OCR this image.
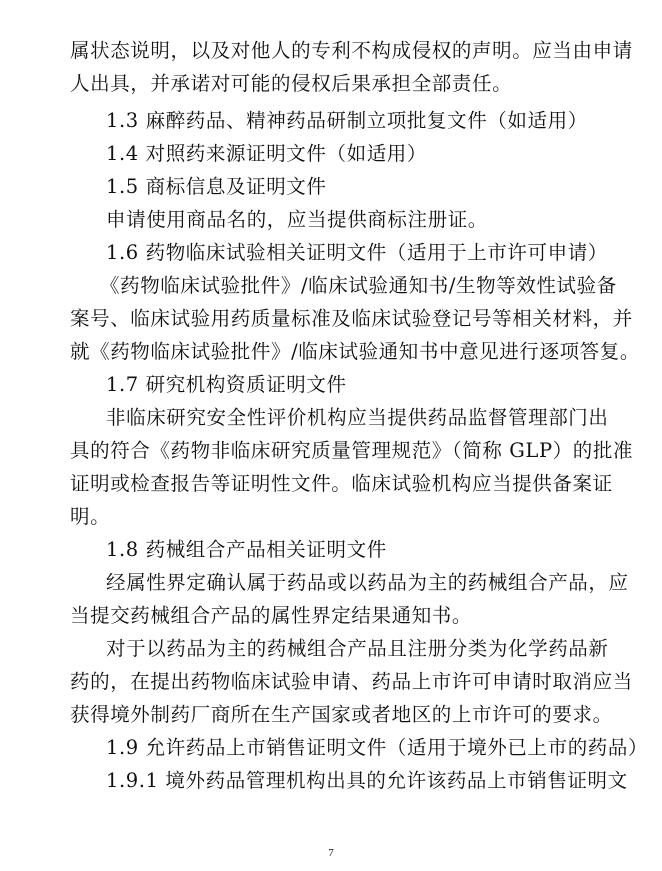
属状态说明，以及对他人的专利不构成侵权的声明。应当由申请
人出具，并承诺对可能的侵权后果承担全部责任。
1.3 麻醉药品、精神药品研制立项批复文件（如适用）
1.4 对照药来源证明文件（如适用）
1.5 商标信息及证明文件
申请使用商品名的，应当提供商标注册证。
1.6 药物临床试验相关证明文件（适用于上市许可申请）
《药物临床试验批件》/临床试验通知书/生物等效性试验备
案号、临床试验用药质量标准及临床试验登记号等相关材料，并
就《药物临床试验批件》/临床试验通知书中意见进行逐项答复。
1.7 研究机构资质证明文件
非临床研究安全性评价机构应当提供药品监督管理部门出
具的符合《药物非临床研究质量管理规范》（简称 GLP）的批准
证明或检查报告等证明性文件。临床试验机构应当提供备案证
明。
1.8 药械组合产品相关证明文件
经属性界定确认属于药品或以药品为主的药械组合产品，应
当提交药械组合产品的属性界定结果通知书。
对于以药品为主的药械组合产品且注册分类为化学药品新
药的，在提出药物临床试验申请、药品上市许可申请时取消应当
获得境外制药厂商所在生产国家或者地区的上市许可的要求。
1.9 允许药品上市销售证明文件（适用于境外已上市的药品）
1.9.1 境外药品管理机构出具的允许该药品上市销售证明文
7
